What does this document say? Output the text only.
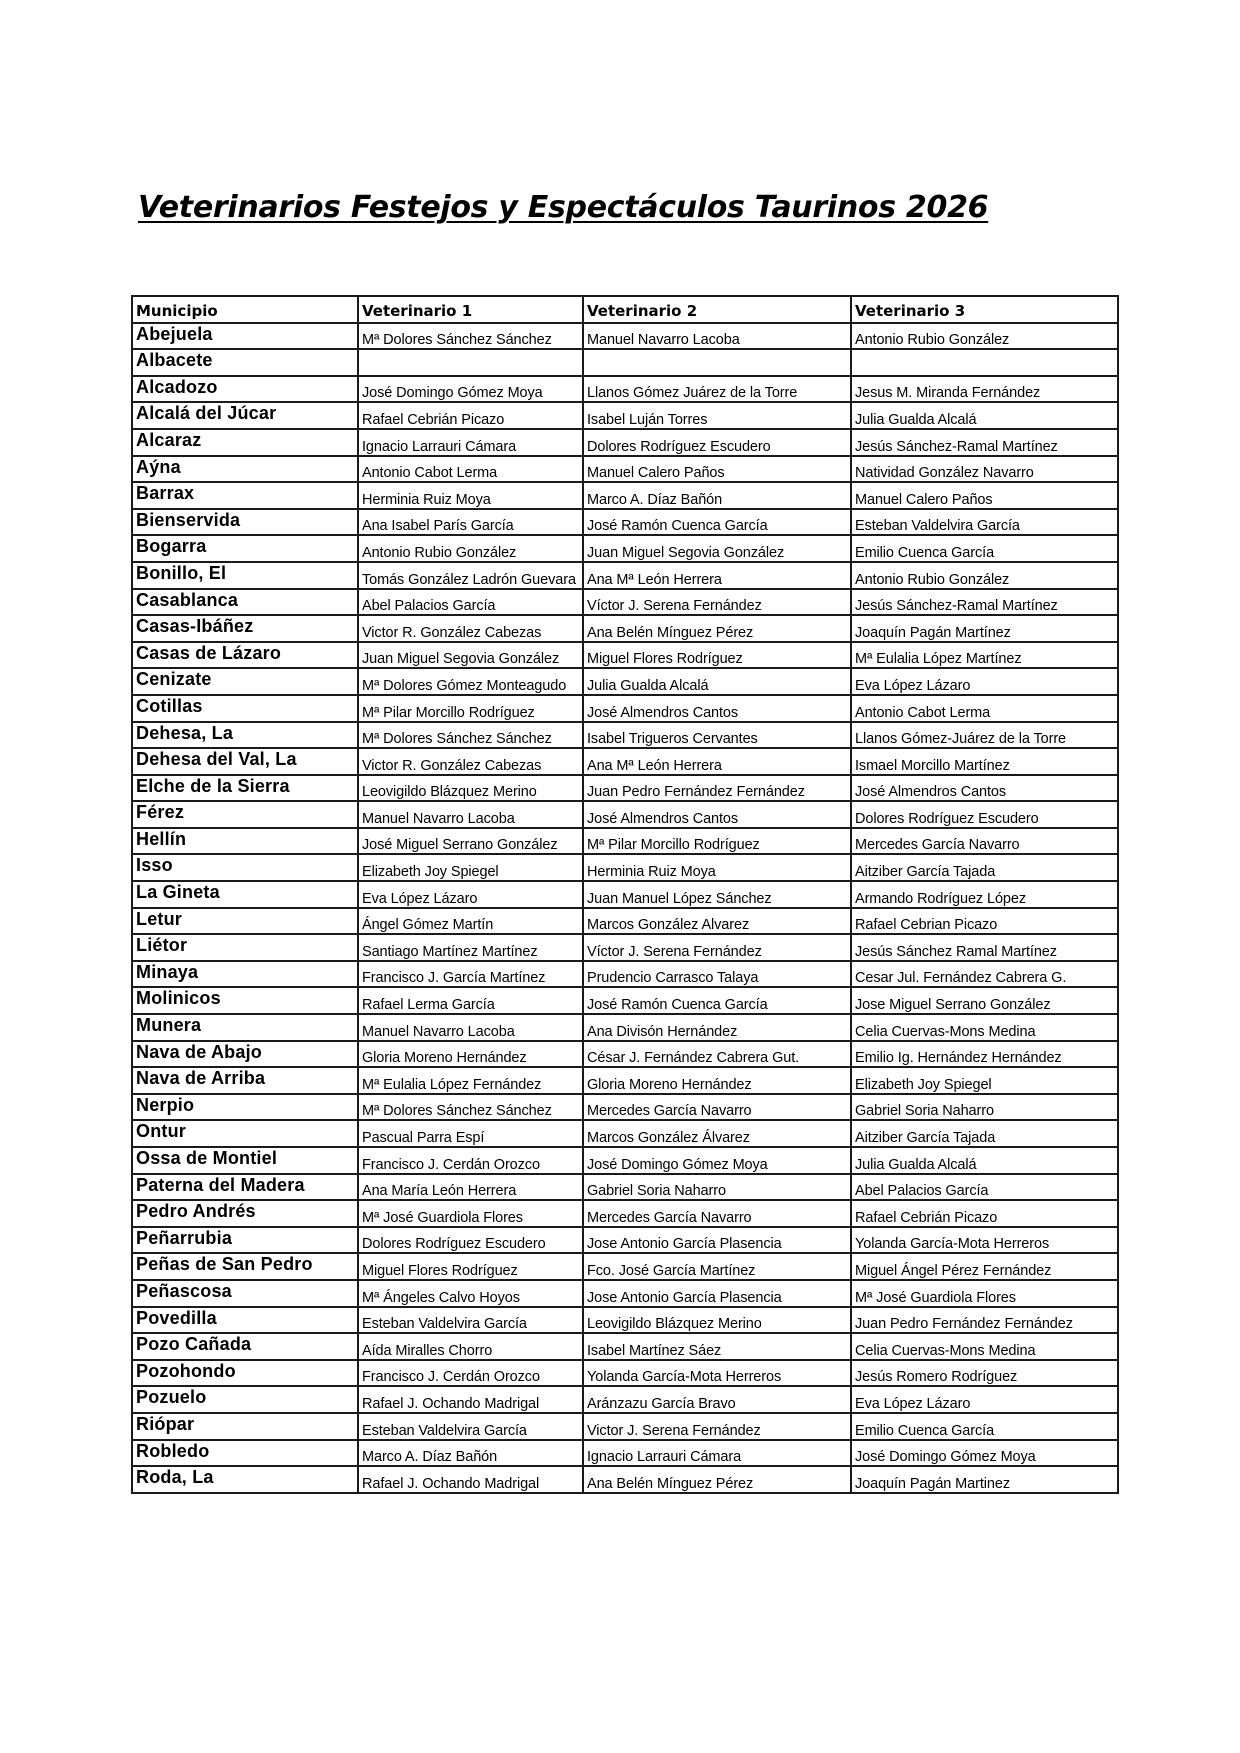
Veterinarios Festejos y Espectáculos Taurinos 2026
Municipio	Veterinario 1	Veterinario 2	Veterinario 3
Abejuela	Mª Dolores Sánchez Sánchez	Manuel Navarro Lacoba	Antonio Rubio González
Albacete			
Alcadozo	José Domingo Gómez Moya	Llanos Gómez Juárez de la Torre	Jesus M. Miranda Fernández
Alcalá del Júcar	Rafael Cebrián Picazo	Isabel Luján Torres	Julia Gualda Alcalá
Alcaraz	Ignacio Larrauri Cámara	Dolores Rodríguez Escudero	Jesús Sánchez-Ramal Martínez
Aýna	Antonio Cabot Lerma	Manuel Calero Paños	Natividad González Navarro
Barrax	Herminia Ruiz Moya	Marco A. Díaz Bañón	Manuel Calero Paños
Bienservida	Ana Isabel París García	José Ramón Cuenca García	Esteban Valdelvira García
Bogarra	Antonio Rubio González	Juan Miguel Segovia González	Emilio Cuenca García
Bonillo, El	Tomás González Ladrón Guevara	Ana Mª León Herrera	Antonio Rubio González
Casablanca	Abel Palacios García	Víctor J. Serena Fernández	Jesús Sánchez-Ramal Martínez
Casas-Ibáñez	Victor R. González Cabezas	Ana Belén Mínguez Pérez	Joaquín Pagán Martínez
Casas de Lázaro	Juan Miguel Segovia González	Miguel Flores Rodríguez	Mª Eulalia López Martínez
Cenizate	Mª Dolores Gómez Monteagudo	Julia Gualda Alcalá	Eva López Lázaro
Cotillas	Mª Pilar Morcillo Rodríguez	José Almendros Cantos	Antonio Cabot Lerma
Dehesa, La	Mª Dolores Sánchez Sánchez	Isabel Trigueros Cervantes	Llanos Gómez-Juárez de la Torre
Dehesa del Val, La	Victor R. González Cabezas	Ana Mª León Herrera	Ismael Morcillo Martínez
Elche de la Sierra	Leovigildo Blázquez Merino	Juan Pedro Fernández Fernández	José Almendros Cantos
Férez	Manuel Navarro Lacoba	José Almendros Cantos	Dolores Rodríguez Escudero
Hellín	José Miguel Serrano González	Mª Pilar Morcillo Rodríguez	Mercedes García Navarro
Isso	Elizabeth Joy Spiegel	Herminia Ruiz Moya	Aitziber García Tajada
La Gineta	Eva López Lázaro	Juan Manuel López Sánchez	Armando Rodríguez López
Letur	Ángel Gómez Martín	Marcos González Alvarez	Rafael Cebrian Picazo
Liétor	Santiago Martínez Martínez	Víctor J. Serena Fernández	Jesús Sánchez Ramal Martínez
Minaya	Francisco J. García Martínez	Prudencio Carrasco Talaya	Cesar Jul. Fernández Cabrera G.
Molinicos	Rafael Lerma García	José Ramón Cuenca García	Jose Miguel Serrano González
Munera	Manuel Navarro Lacoba	Ana Divisón Hernández	Celia Cuervas-Mons Medina
Nava de Abajo	Gloria Moreno Hernández	César J. Fernández Cabrera Gut.	Emilio Ig. Hernández Hernández
Nava de Arriba	Mª Eulalia López Fernández	Gloria Moreno Hernández	Elizabeth Joy Spiegel
Nerpio	Mª Dolores Sánchez Sánchez	Mercedes García Navarro	Gabriel Soria Naharro
Ontur	Pascual Parra Espí	Marcos González Álvarez	Aitziber García Tajada
Ossa de Montiel	Francisco J. Cerdán Orozco	José Domingo Gómez Moya	Julia Gualda Alcalá
Paterna del Madera	Ana María León Herrera	Gabriel Soria Naharro	Abel Palacios García
Pedro Andrés	Mª José Guardiola Flores	Mercedes García Navarro	Rafael Cebrián Picazo
Peñarrubia	Dolores Rodríguez Escudero	Jose Antonio García Plasencia	Yolanda García-Mota Herreros
Peñas de San Pedro	Miguel Flores Rodríguez	Fco. José García Martínez	Miguel Ángel Pérez Fernández
Peñascosa	Mª Ángeles Calvo Hoyos	Jose Antonio García Plasencia	Mª José Guardiola Flores
Povedilla	Esteban Valdelvira García	Leovigildo Blázquez Merino	Juan Pedro Fernández Fernández
Pozo Cañada	Aída Miralles Chorro	Isabel Martínez Sáez	Celia Cuervas-Mons Medina
Pozohondo	Francisco J. Cerdán Orozco	Yolanda García-Mota Herreros	Jesús Romero Rodríguez
Pozuelo	Rafael J. Ochando Madrigal	Aránzazu García Bravo	Eva López Lázaro
Riópar	Esteban Valdelvira García	Victor J. Serena Fernández	Emilio Cuenca García
Robledo	Marco A. Díaz Bañón	Ignacio Larrauri Cámara	José Domingo Gómez Moya
Roda, La	Rafael J. Ochando Madrigal	Ana Belén Mínguez Pérez	Joaquín Pagán Martinez
